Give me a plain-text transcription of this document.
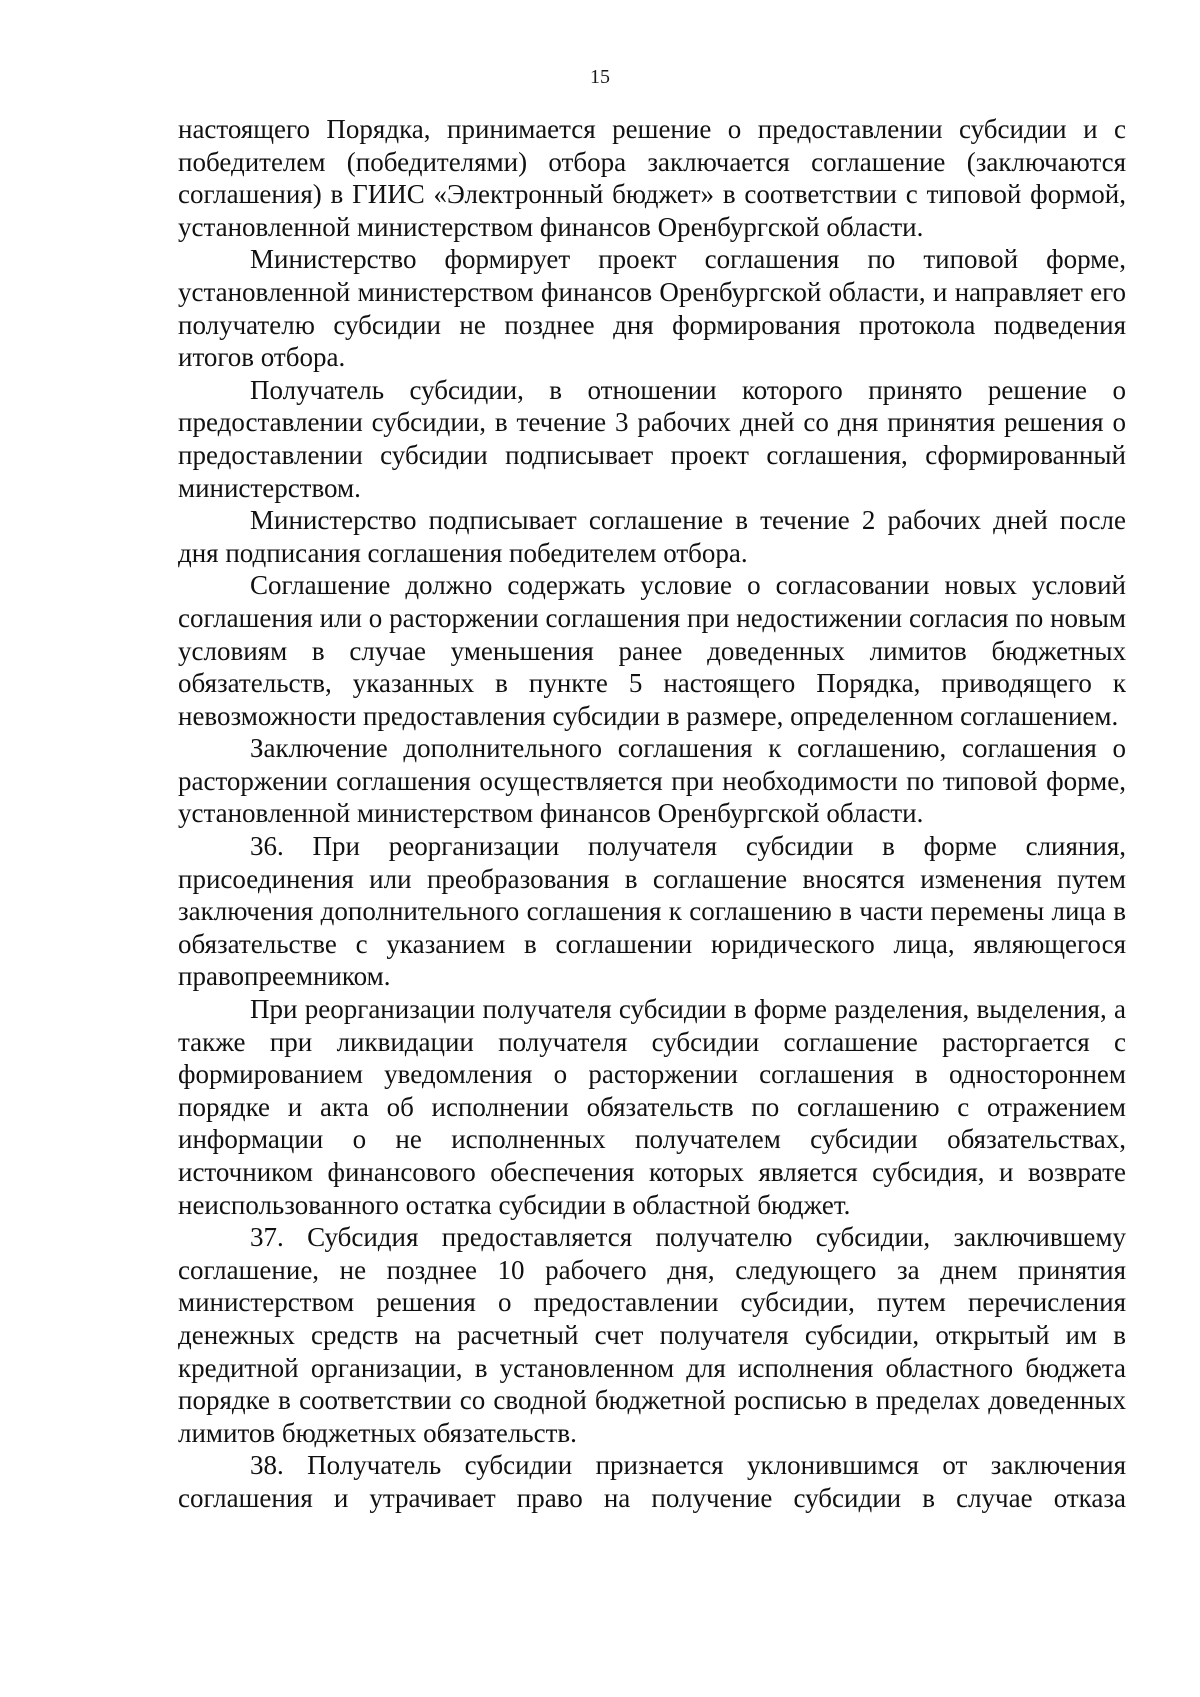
15

настоящего Порядка, принимается решение о предоставлении субсидии и с победителем (победителями) отбора заключается соглашение (заключаются соглашения) в ГИИС «Электронный бюджет» в соответствии с типовой формой, установленной министерством финансов Оренбургской области.

Министерство формирует проект соглашения по типовой форме, установленной министерством финансов Оренбургской области, и направляет его получателю субсидии не позднее дня формирования протокола подведения итогов отбора.

Получатель субсидии, в отношении которого принято решение о предоставлении субсидии, в течение 3 рабочих дней со дня принятия решения о предоставлении субсидии подписывает проект соглашения, сформированный министерством.

Министерство подписывает соглашение в течение 2 рабочих дней после дня подписания соглашения победителем отбора.

Соглашение должно содержать условие о согласовании новых условий соглашения или о расторжении соглашения при недостижении согласия по новым условиям в случае уменьшения ранее доведенных лимитов бюджетных обязательств, указанных в пункте 5 настоящего Порядка, приводящего к невозможности предоставления субсидии в размере, определенном соглашением.

Заключение дополнительного соглашения к соглашению, соглашения о расторжении соглашения осуществляется при необходимости по типовой форме, установленной министерством финансов Оренбургской области.

36. При реорганизации получателя субсидии в форме слияния, присоединения или преобразования в соглашение вносятся изменения путем заключения дополнительного соглашения к соглашению в части перемены лица в обязательстве с указанием в соглашении юридического лица, являющегося правопреемником.

При реорганизации получателя субсидии в форме разделения, выделения, а также при ликвидации получателя субсидии соглашение расторгается с формированием уведомления о расторжении соглашения в одностороннем порядке и акта об исполнении обязательств по соглашению с отражением информации о не исполненных получателем субсидии обязательствах, источником финансового обеспечения которых является субсидия, и возврате неиспользованного остатка субсидии в областной бюджет.

37. Субсидия предоставляется получателю субсидии, заключившему соглашение, не позднее 10 рабочего дня, следующего за днем принятия министерством решения о предоставлении субсидии, путем перечисления денежных средств на расчетный счет получателя субсидии, открытый им в кредитной организации, в установленном для исполнения областного бюджета порядке в соответствии со сводной бюджетной росписью в пределах доведенных лимитов бюджетных обязательств.

38. Получатель субсидии признается уклонившимся от заключения соглашения и утрачивает право на получение субсидии в случае отказа
